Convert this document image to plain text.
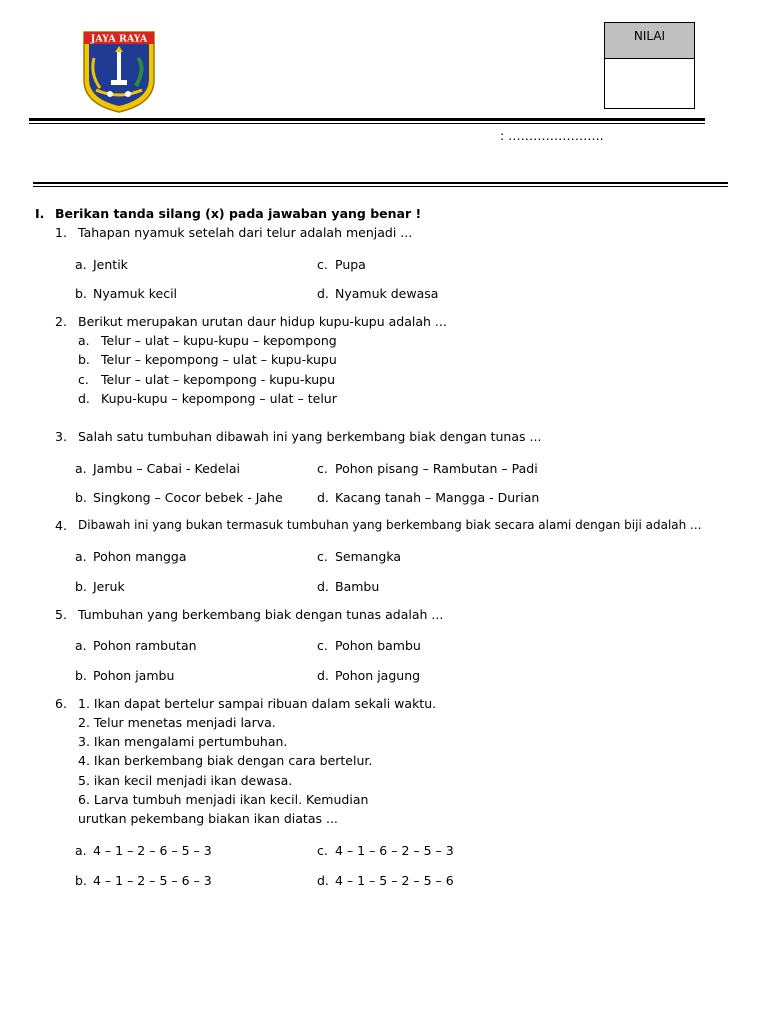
JAYA RAYA	NILAI
: …………………..
I. Berikan tanda silang (x) pada jawaban yang benar !
1. Tahapan nyamuk setelah dari telur adalah menjadi ...
a. Jentik	c. Pupa
b. Nyamuk kecil	d. Nyamuk dewasa
2. Berikut merupakan urutan daur hidup kupu-kupu adalah ...
a. Telur – ulat – kupu-kupu – kepompong
b. Telur – kepompong – ulat – kupu-kupu
c. Telur – ulat – kepompong - kupu-kupu
d. Kupu-kupu – kepompong – ulat – telur
3. Salah satu tumbuhan dibawah ini yang berkembang biak dengan tunas ...
a. Jambu – Cabai - Kedelai	c. Pohon pisang – Rambutan – Padi
b. Singkong – Cocor bebek - Jahe	d. Kacang tanah – Mangga - Durian
4. Dibawah ini yang bukan termasuk tumbuhan yang berkembang biak secara alami dengan biji adalah ...
a. Pohon mangga	c. Semangka
b. Jeruk	d. Bambu
5. Tumbuhan yang berkembang biak dengan tunas adalah ...
a. Pohon rambutan	c. Pohon bambu
b. Pohon jambu	d. Pohon jagung
6. 1. Ikan dapat bertelur sampai ribuan dalam sekali waktu.
2. Telur menetas menjadi larva.
3. Ikan mengalami pertumbuhan.
4. Ikan berkembang biak dengan cara bertelur.
5. ikan kecil menjadi ikan dewasa.
6. Larva tumbuh menjadi ikan kecil. Kemudian
urutkan pekembang biakan ikan diatas ...
a. 4 – 1 – 2 – 6 – 5 – 3	c. 4 – 1 – 6 – 2 – 5 – 3
b. 4 – 1 – 2 – 5 – 6 – 3	d. 4 – 1 – 5 – 2 – 5 – 6
